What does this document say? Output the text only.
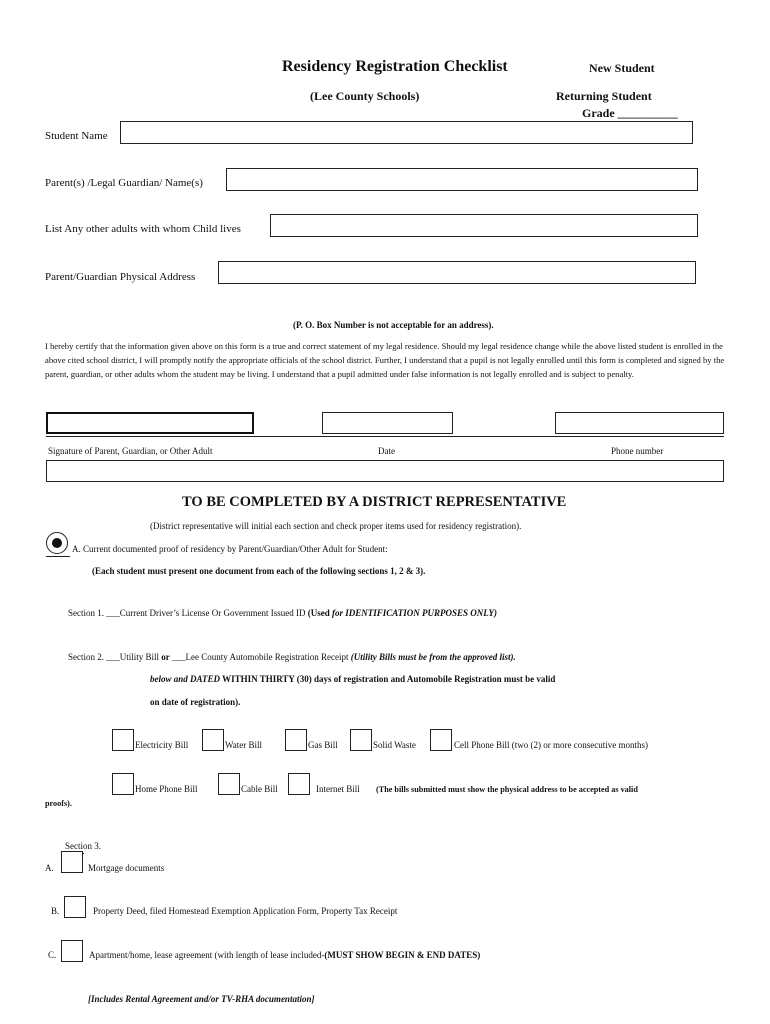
Residency Registration Checklist
(Lee County Schools)
New Student
Returning Student
Grade __________
Student Name
Parent(s) /Legal Guardian/ Name(s)
List Any other adults with whom Child lives
Parent/Guardian Physical Address
(P. O. Box Number is not acceptable for an address).
I hereby certify that the information given above on this form is a true and correct statement of my legal residence. Should my legal residence change while the above listed student is enrolled in the above cited school district, I will promptly notify the appropriate officials of the school district. Further, I understand that a pupil is not legally enrolled until this form is completed and signed by the parent, guardian, or other adults whom the student may be living. I understand that a pupil admitted under false information is not legally enrolled and is subject to penalty.
Signature of Parent, Guardian, or Other Adult	Date	Phone number
TO BE COMPLETED BY A DISTRICT REPRESENTATIVE
(District representative will initial each section and check proper items used for residency registration).
A. Current documented proof of residency by Parent/Guardian/Other Adult for Student:
(Each student must present one document from each of the following sections 1, 2 & 3).
Section 1. ___Current Driver’s License Or Government Issued ID (Used for IDENTIFICATION PURPOSES ONLY)
Section 2. ___Utility Bill or ___Lee County Automobile Registration Receipt (Utility Bills must be from the approved list).
below and DATED WITHIN THIRTY (30) days of registration and Automobile Registration must be valid
on date of registration).
Electricity Bill	Water Bill	Gas Bill	Solid Waste	Cell Phone Bill (two (2) or more consecutive months)
Home Phone Bill	Cable Bill	Internet Bill (The bills submitted must show the physical address to be accepted as valid
proofs).
Section 3.
A.	Mortgage documents
B.	Property Deed, filed Homestead Exemption Application Form, Property Tax Receipt
C.	Apartment/home, lease agreement (with length of lease included-(MUST SHOW BEGIN & END DATES)
[Includes Rental Agreement and/or TV-RHA documentation]
